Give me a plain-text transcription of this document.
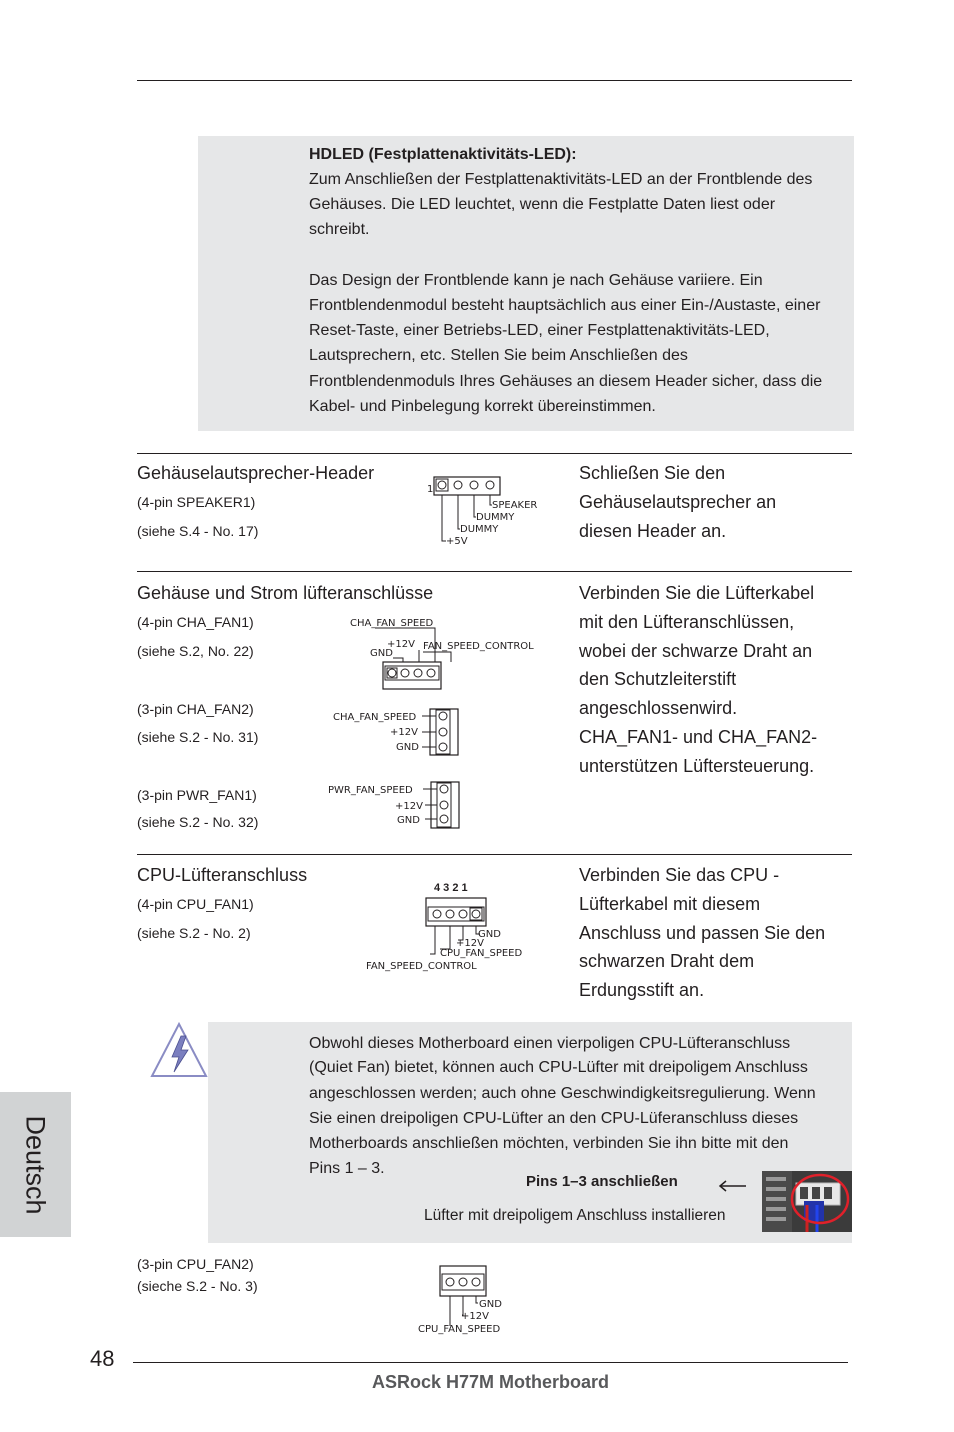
HDLED (Festplattenaktivitäts-LED):
Zum Anschließen der Festplattenaktivitäts-LED an der Frontblende des
Gehäuses. Die LED leuchtet, wenn die Festplatte Daten liest oder
schreibt.
Das Design der Frontblende kann je nach Gehäuse variiere. Ein
Frontblendenmodul besteht hauptsächlich aus einer Ein-/Austaste, einer
Reset-Taste, einer Betriebs-LED, einer Festplattenaktivitäts-LED,
Lautsprechern, etc. Stellen Sie beim Anschließen des
Frontblendenmoduls Ihres Gehäuses an diesem Header sicher, dass die
Kabel- und Pinbelegung korrekt übereinstimmen.
Gehäuselautsprecher-Header
(4-pin SPEAKER1)
(siehe S.4 - No. 17)
Schließen Sie den
Gehäuselautsprecher an
diesen Header an.
1
SPEAKER
DUMMY
DUMMY
+5V
Gehäuse und Strom lüfteranschlüsse
(4-pin CHA_FAN1)
(siehe S.2, No. 22)
(3-pin CHA_FAN2)
(siehe S.2 - No. 31)
(3-pin PWR_FAN1)
(siehe S.2 - No. 32)
Verbinden Sie die Lüfterkabel
mit den Lüfteranschlüssen,
wobei der schwarze Draht an
den Schutzleiterstift
angeschlossenwird.
CHA_FAN1- und CHA_FAN2-
unterstützen Lüftersteuerung.
CHA_FAN_SPEED
+12V
GND
FAN_SPEED_CONTROL
CHA_FAN_SPEED
+12V
GND
PWR_FAN_SPEED
+12V
GND
CPU-Lüfteranschluss
(4-pin CPU_FAN1)
(siehe S.2 - No. 2)
Verbinden Sie das CPU -
Lüfterkabel mit diesem
Anschluss und passen Sie den
schwarzen Draht dem
Erdungsstift an.
4 3 2 1
GND
+12V
CPU_FAN_SPEED
FAN_SPEED_CONTROL
Obwohl dieses Motherboard einen vierpoligen CPU-Lüfteranschluss
(Quiet Fan) bietet, können auch CPU-Lüfter mit dreipoligem Anschluss
angeschlossen werden; auch ohne Geschwindigkeitsregulierung. Wenn
Sie einen dreipoligen CPU-Lüfter an den CPU-Lüferanschluss dieses
Motherboards anschließen möchten, verbinden Sie ihn bitte mit den
Pins 1 – 3.
Pins 1–3 anschließen
Lüfter mit dreipoligem Anschluss installieren
(3-pin CPU_FAN2)
(sieche S.2 - No. 3)
GND
+12V
CPU_FAN_SPEED
Deutsch
48
ASRock H77M Motherboard
